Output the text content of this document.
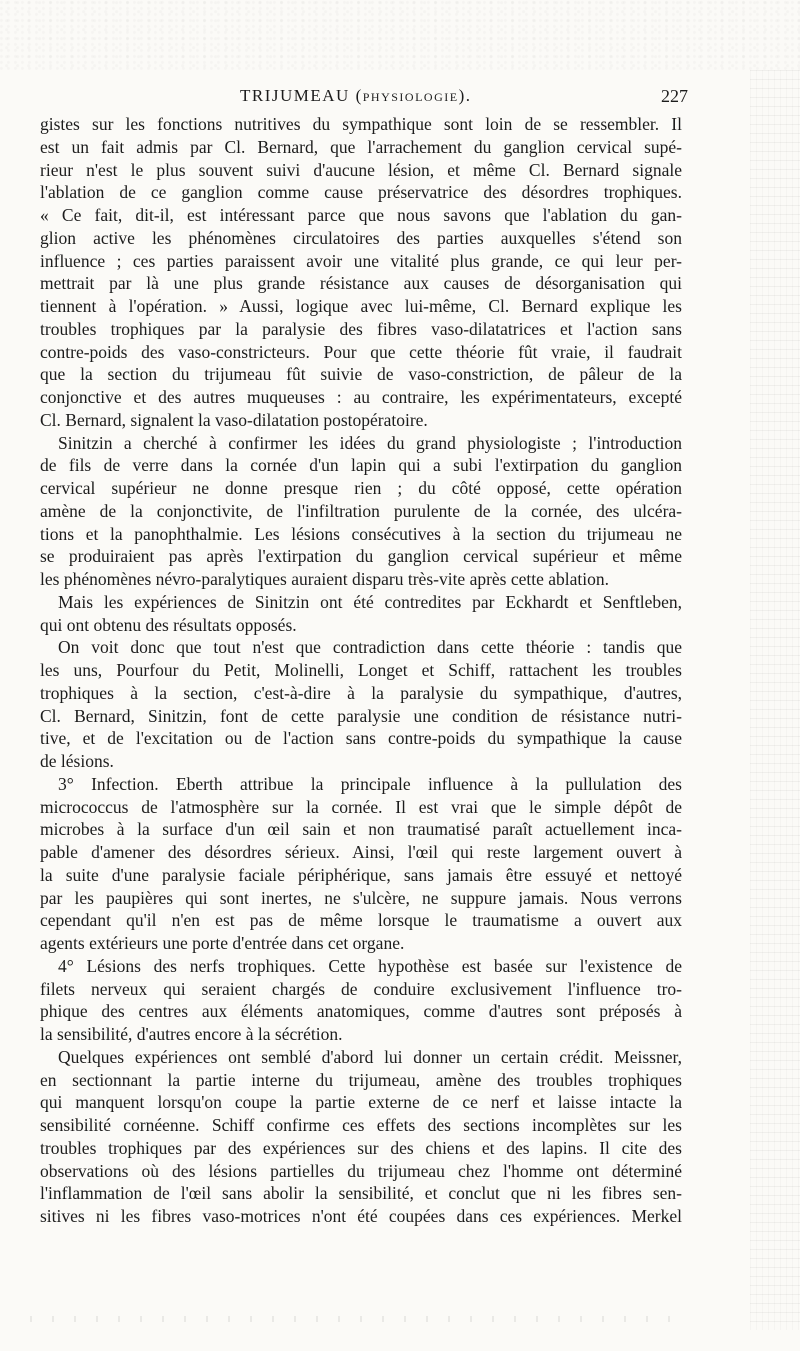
TRIJUMEAU (PHYSIOLOGIE).	227
gistes sur les fonctions nutritives du sympathique sont loin de se ressembler. Il
est un fait admis par Cl. Bernard, que l'arrachement du ganglion cervical supé-
rieur n'est le plus souvent suivi d'aucune lésion, et même Cl. Bernard signale
l'ablation de ce ganglion comme cause préservatrice des désordres trophiques.
« Ce fait, dit-il, est intéressant parce que nous savons que l'ablation du gan-
glion active les phénomènes circulatoires des parties auxquelles s'étend son
influence ; ces parties paraissent avoir une vitalité plus grande, ce qui leur per-
mettrait par là une plus grande résistance aux causes de désorganisation qui
tiennent à l'opération. » Aussi, logique avec lui-même, Cl. Bernard explique les
troubles trophiques par la paralysie des fibres vaso-dilatatrices et l'action sans
contre-poids des vaso-constricteurs. Pour que cette théorie fût vraie, il faudrait
que la section du trijumeau fût suivie de vaso-constriction, de pâleur de la
conjonctive et des autres muqueuses : au contraire, les expérimentateurs, excepté
Cl. Bernard, signalent la vaso-dilatation postopératoire.
Sinitzin a cherché à confirmer les idées du grand physiologiste ; l'introduction
de fils de verre dans la cornée d'un lapin qui a subi l'extirpation du ganglion
cervical supérieur ne donne presque rien ; du côté opposé, cette opération
amène de la conjonctivite, de l'infiltration purulente de la cornée, des ulcéra-
tions et la panophthalmie. Les lésions consécutives à la section du trijumeau ne
se produiraient pas après l'extirpation du ganglion cervical supérieur et même
les phénomènes névro-paralytiques auraient disparu très-vite après cette ablation.
Mais les expériences de Sinitzin ont été contredites par Eckhardt et Senftleben,
qui ont obtenu des résultats opposés.
On voit donc que tout n'est que contradiction dans cette théorie : tandis que
les uns, Pourfour du Petit, Molinelli, Longet et Schiff, rattachent les troubles
trophiques à la section, c'est-à-dire à la paralysie du sympathique, d'autres,
Cl. Bernard, Sinitzin, font de cette paralysie une condition de résistance nutri-
tive, et de l'excitation ou de l'action sans contre-poids du sympathique la cause
de lésions.
3° Infection. Eberth attribue la principale influence à la pullulation des
micrococcus de l'atmosphère sur la cornée. Il est vrai que le simple dépôt de
microbes à la surface d'un œil sain et non traumatisé paraît actuellement inca-
pable d'amener des désordres sérieux. Ainsi, l'œil qui reste largement ouvert à
la suite d'une paralysie faciale périphérique, sans jamais être essuyé et nettoyé
par les paupières qui sont inertes, ne s'ulcère, ne suppure jamais. Nous verrons
cependant qu'il n'en est pas de même lorsque le traumatisme a ouvert aux
agents extérieurs une porte d'entrée dans cet organe.
4° Lésions des nerfs trophiques. Cette hypothèse est basée sur l'existence de
filets nerveux qui seraient chargés de conduire exclusivement l'influence tro-
phique des centres aux éléments anatomiques, comme d'autres sont préposés à
la sensibilité, d'autres encore à la sécrétion.
Quelques expériences ont semblé d'abord lui donner un certain crédit. Meissner,
en sectionnant la partie interne du trijumeau, amène des troubles trophiques
qui manquent lorsqu'on coupe la partie externe de ce nerf et laisse intacte la
sensibilité cornéenne. Schiff confirme ces effets des sections incomplètes sur les
troubles trophiques par des expériences sur des chiens et des lapins. Il cite des
observations où des lésions partielles du trijumeau chez l'homme ont déterminé
l'inflammation de l'œil sans abolir la sensibilité, et conclut que ni les fibres sen-
sitives ni les fibres vaso-motrices n'ont été coupées dans ces expériences. Merkel
